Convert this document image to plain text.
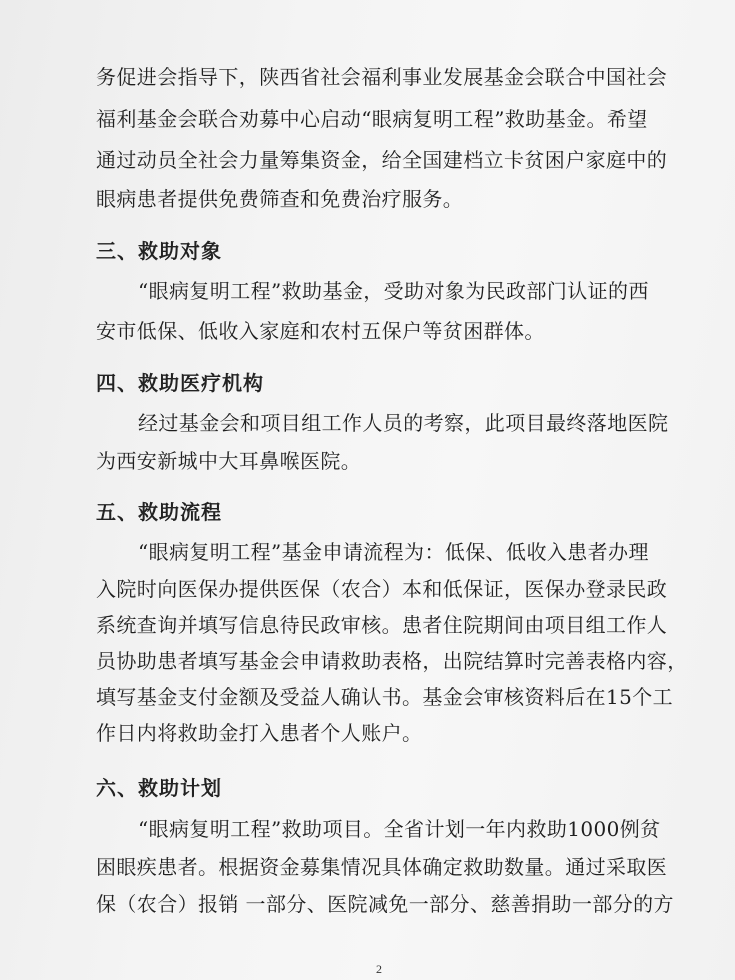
务促进会指导下，陕西省社会福利事业发展基金会联合中国社会
福利基金会联合劝募中心启动“眼病复明工程”救助基金。希望
通过动员全社会力量筹集资金，给全国建档立卡贫困户家庭中的
眼病患者提供免费筛查和免费治疗服务。
三、救助对象
“眼病复明工程”救助基金，受助对象为民政部门认证的西
安市低保、低收入家庭和农村五保户等贫困群体。
四、救助医疗机构
经过基金会和项目组工作人员的考察，此项目最终落地医院
为西安新城中大耳鼻喉医院。
五、救助流程
“眼病复明工程”基金申请流程为：低保、低收入患者办理
入院时向医保办提供医保（农合）本和低保证，医保办登录民政
系统查询并填写信息待民政审核。患者住院期间由项目组工作人
员协助患者填写基金会申请救助表格，出院结算时完善表格内容，
填写基金支付金额及受益人确认书。基金会审核资料后在15个工
作日内将救助金打入患者个人账户。
六、救助计划
“眼病复明工程”救助项目。全省计划一年内救助1000例贫
困眼疾患者。根据资金募集情况具体确定救助数量。通过采取医
保（农合）报销 一部分、医院减免一部分、慈善捐助一部分的方
2
